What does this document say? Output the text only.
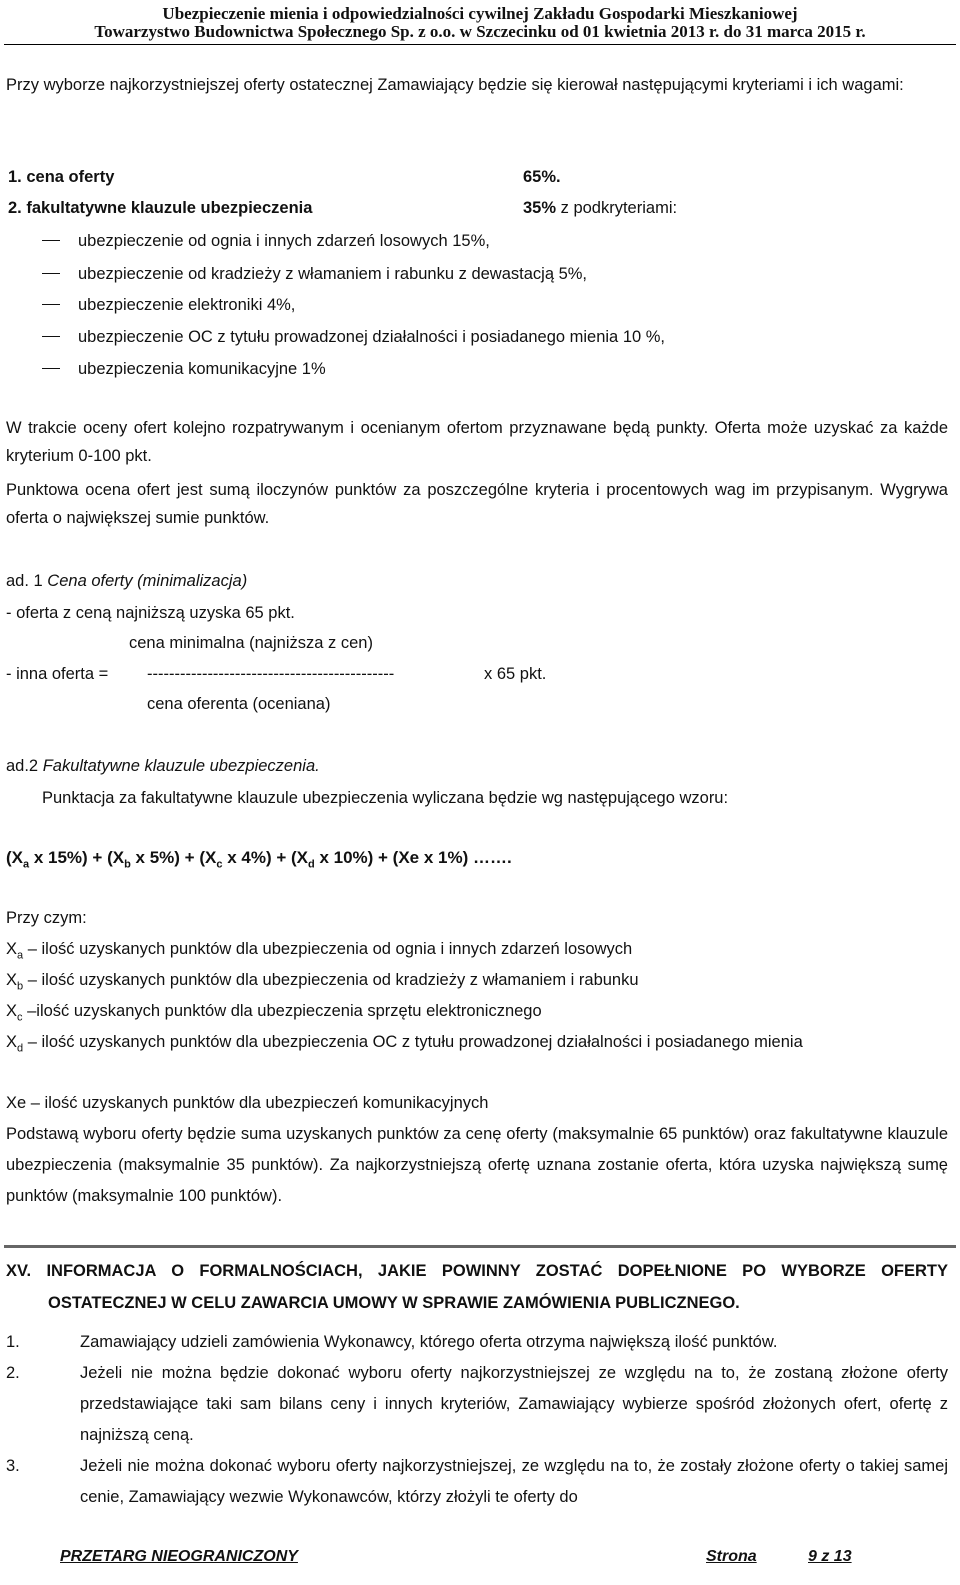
Ubezpieczenie mienia i odpowiedzialności cywilnej Zakładu Gospodarki Mieszkaniowej
Towarzystwo Budownictwa Społecznego Sp. z o.o. w Szczecinku od 01 kwietnia 2013 r. do 31 marca 2015 r.
Przy wyborze najkorzystniejszej oferty ostatecznej Zamawiający będzie się kierował następującymi kryteriami i ich wagami:
1. cena oferty	65%.
2. fakultatywne klauzule ubezpieczenia	35% z podkryteriami:
ubezpieczenie od ognia i innych zdarzeń losowych 15%,
ubezpieczenie od kradzieży z włamaniem i rabunku z dewastacją 5%,
ubezpieczenie elektroniki 4%,
ubezpieczenie OC z tytułu prowadzonej działalności i posiadanego mienia 10 %,
ubezpieczenia komunikacyjne 1%
W trakcie oceny ofert kolejno rozpatrywanym i ocenianym ofertom przyznawane będą punkty. Oferta może uzyskać za każde kryterium 0-100 pkt.
Punktowa ocena ofert jest sumą iloczynów punktów za poszczególne kryteria i procentowych wag im przypisanym. Wygrywa oferta o największej sumie punktów.
ad. 1 Cena oferty (minimalizacja)
- oferta z ceną najniższą uzyska 65 pkt.
cena minimalna (najniższa z cen)
- inna oferta = ---------------------------------------------	x 65 pkt.
cena oferenta (oceniana)
ad.2 Fakultatywne klauzule ubezpieczenia.
Punktacja za fakultatywne klauzule ubezpieczenia wyliczana będzie wg następującego wzoru:
($X_a$ x $15\%) + (X_b$ x $5\%) + (X_c$ x $4\%) + (X_d$ x 10%) + (Xe x 1%) …….
Przy czym:
$X_a$ – ilość uzyskanych punktów dla ubezpieczenia od ognia i innych zdarzeń losowych
$X_b$ – ilość uzyskanych punktów dla ubezpieczenia od kradzieży z włamaniem i rabunku
$X_c$ –ilość uzyskanych punktów dla ubezpieczenia sprzętu elektronicznego
$X_d$ – ilość uzyskanych punktów dla ubezpieczenia OC z tytułu prowadzonej działalności i posiadanego mienia
Xe – ilość uzyskanych punktów dla ubezpieczeń komunikacyjnych
Podstawą wyboru oferty będzie suma uzyskanych punktów za cenę oferty (maksymalnie 65 punktów) oraz fakultatywne klauzule ubezpieczenia (maksymalnie 35 punktów). Za najkorzystniejszą ofertę uznana zostanie oferta, która uzyska największą sumę punktów (maksymalnie 100 punktów).
XV. INFORMACJA O FORMALNOŚCIACH, JAKIE POWINNY ZOSTAĆ DOPEŁNIONE PO WYBORZE OFERTY
OSTATECZNEJ W CELU ZAWARCIA UMOWY W SPRAWIE ZAMÓWIENIA PUBLICZNEGO.
1.	Zamawiający udzieli zamówienia Wykonawcy, którego oferta otrzyma największą ilość punktów.
2.	Jeżeli nie można będzie dokonać wyboru oferty najkorzystniejszej ze względu na to, że zostaną złożone oferty przedstawiające taki sam bilans ceny i innych kryteriów, Zamawiający wybierze spośród złożonych ofert, ofertę z najniższą ceną.
3.	Jeżeli nie można dokonać wyboru oferty najkorzystniejszej, ze względu na to, że zostały złożone oferty o takiej samej cenie, Zamawiający wezwie Wykonawców, którzy złożyli te oferty do
PRZETARG NIEOGRANICZONY	Strona	9 z 13
